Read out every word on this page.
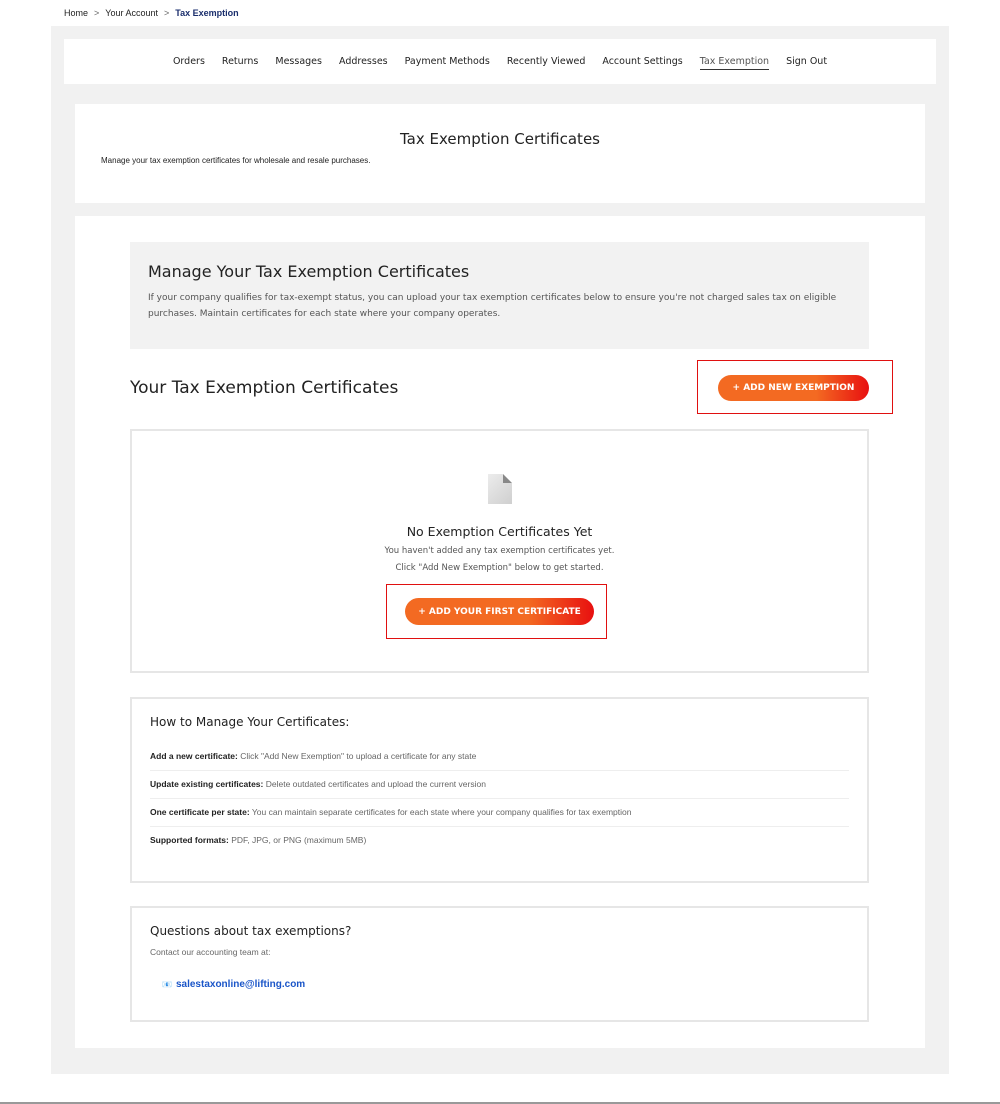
Home > Your Account > Tax Exemption
Orders Returns Messages Addresses Payment Methods Recently Viewed Account Settings Tax Exemption Sign Out
Tax Exemption Certificates

Manage your tax exemption certificates for wholesale and resale purchases.

Manage Your Tax Exemption Certificates

If your company qualifies for tax-exempt status, you can upload your tax exemption certificates below to ensure you're not charged sales tax on eligible purchases. Maintain certificates for each state where your company operates.

Your Tax Exemption Certificates	+ ADD NEW EXEMPTION
No Exemption Certificates Yet

You haven't added any tax exemption certificates yet.

Click "Add New Exemption" below to get started.

+ ADD YOUR FIRST CERTIFICATE
How to Manage Your Certificates:
Add a new certificate: Click "Add New Exemption" to upload a certificate for any state
Update existing certificates: Delete outdated certificates and upload the current version
One certificate per state: You can maintain separate certificates for each state where your company qualifies for tax exemption
Supported formats: PDF, JPG, or PNG (maximum 5MB)
Questions about tax exemptions?

Contact our accounting team at:

📧 salestaxonline@lifting.com
